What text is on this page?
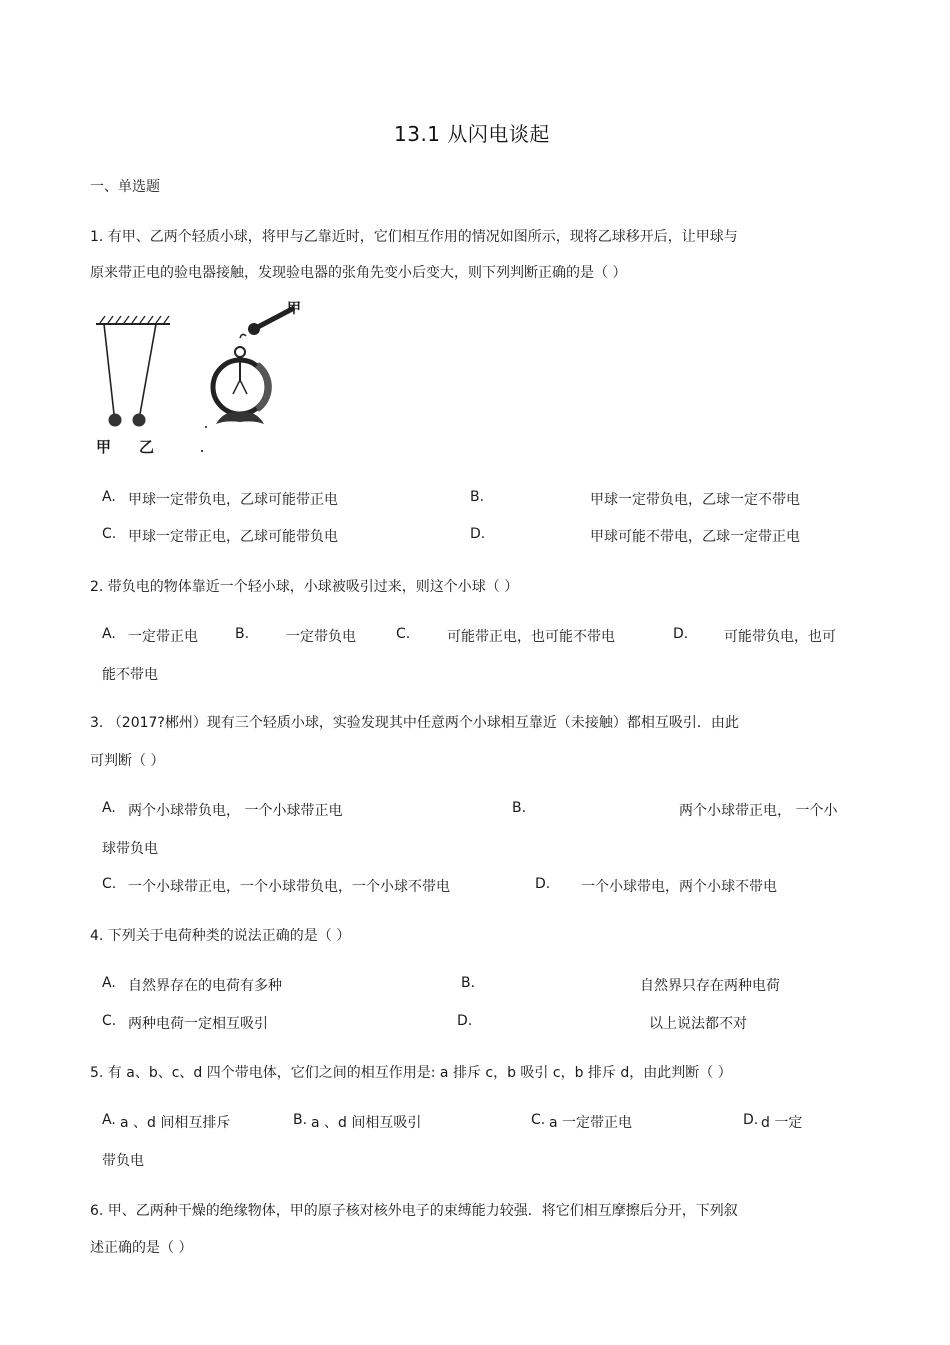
13.1 从闪电谈起
一、单选题
1. 有甲、乙两个轻质小球，将甲与乙靠近时，它们相互作用的情况如图所示，现将乙球移开后，让甲球与
原来带正电的验电器接触，发现验电器的张角先变小后变大，则下列判断正确的是（ ）
甲 乙
甲
A. 甲球一定带负电，乙球可能带正电	B.	甲球一定带负电，乙球一定不带电
C. 甲球一定带正电，乙球可能带负电	D.	甲球可能不带电，乙球一定带正电
2. 带负电的物体靠近一个轻小球，小球被吸引过来，则这个小球（ ）
A. 一定带正电	B.	一定带负电	C.	可能带正电，也可能不带电	D.	可能带负电，也可
能不带电
3. （2017?郴州）现有三个轻质小球，实验发现其中任意两个小球相互靠近（未接触）都相互吸引．由此
可判断（ ）
A. 两个小球带负电， 一个小球带正电	B.	两个小球带正电， 一个小
球带负电
C. 一个小球带正电，一个小球带负电，一个小球不带电	D. 一个小球带电，两个小球不带电
4. 下列关于电荷种类的说法正确的是（ ）
A. 自然界存在的电荷有多种	B.	自然界只存在两种电荷
C. 两种电荷一定相互吸引	D.	以上说法都不对
5. 有 a、b、c、d 四个带电体，它们之间的相互作用是: a 排斥 c，b 吸引 c，b 排斥 d，由此判断（ ）
A. a 、d 间相互排斥	B. a 、d 间相互吸引	C. a 一定带正电	D. d 一定
带负电
6. 甲、乙两种干燥的绝缘物体，甲的原子核对核外电子的束缚能力较强．将它们相互摩擦后分开，下列叙
述正确的是（ ）
